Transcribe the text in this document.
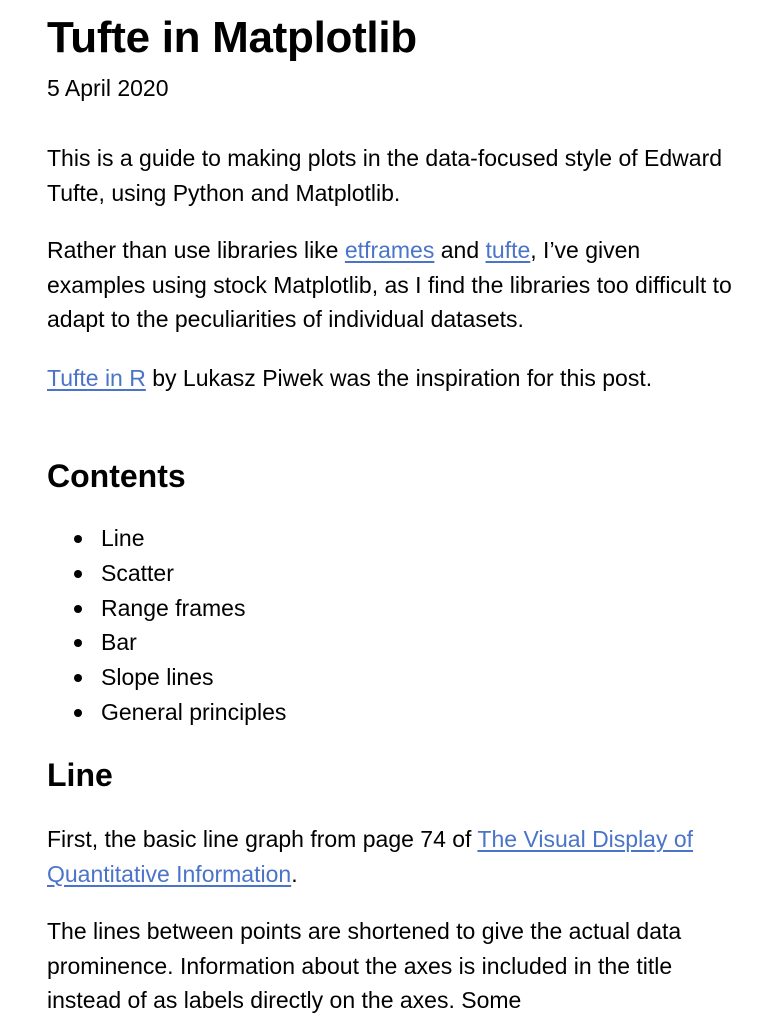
Tufte in Matplotlib
5 April 2020

This is a guide to making plots in the data-focused style of Edward Tufte, using Python and Matplotlib.

Rather than use libraries like etframes and tufte, I’ve given examples using stock Matplotlib, as I find the libraries too difficult to adapt to the peculiarities of individual datasets.

Tufte in R by Lukasz Piwek was the inspiration for this post.

Contents
Line
Scatter
Range frames
Bar
Slope lines
General principles
Line

First, the basic line graph from page 74 of The Visual Display of Quantitative Information.

The lines between points are shortened to give the actual data prominence. Information about the axes is included in the title instead of as labels directly on the axes. Some
